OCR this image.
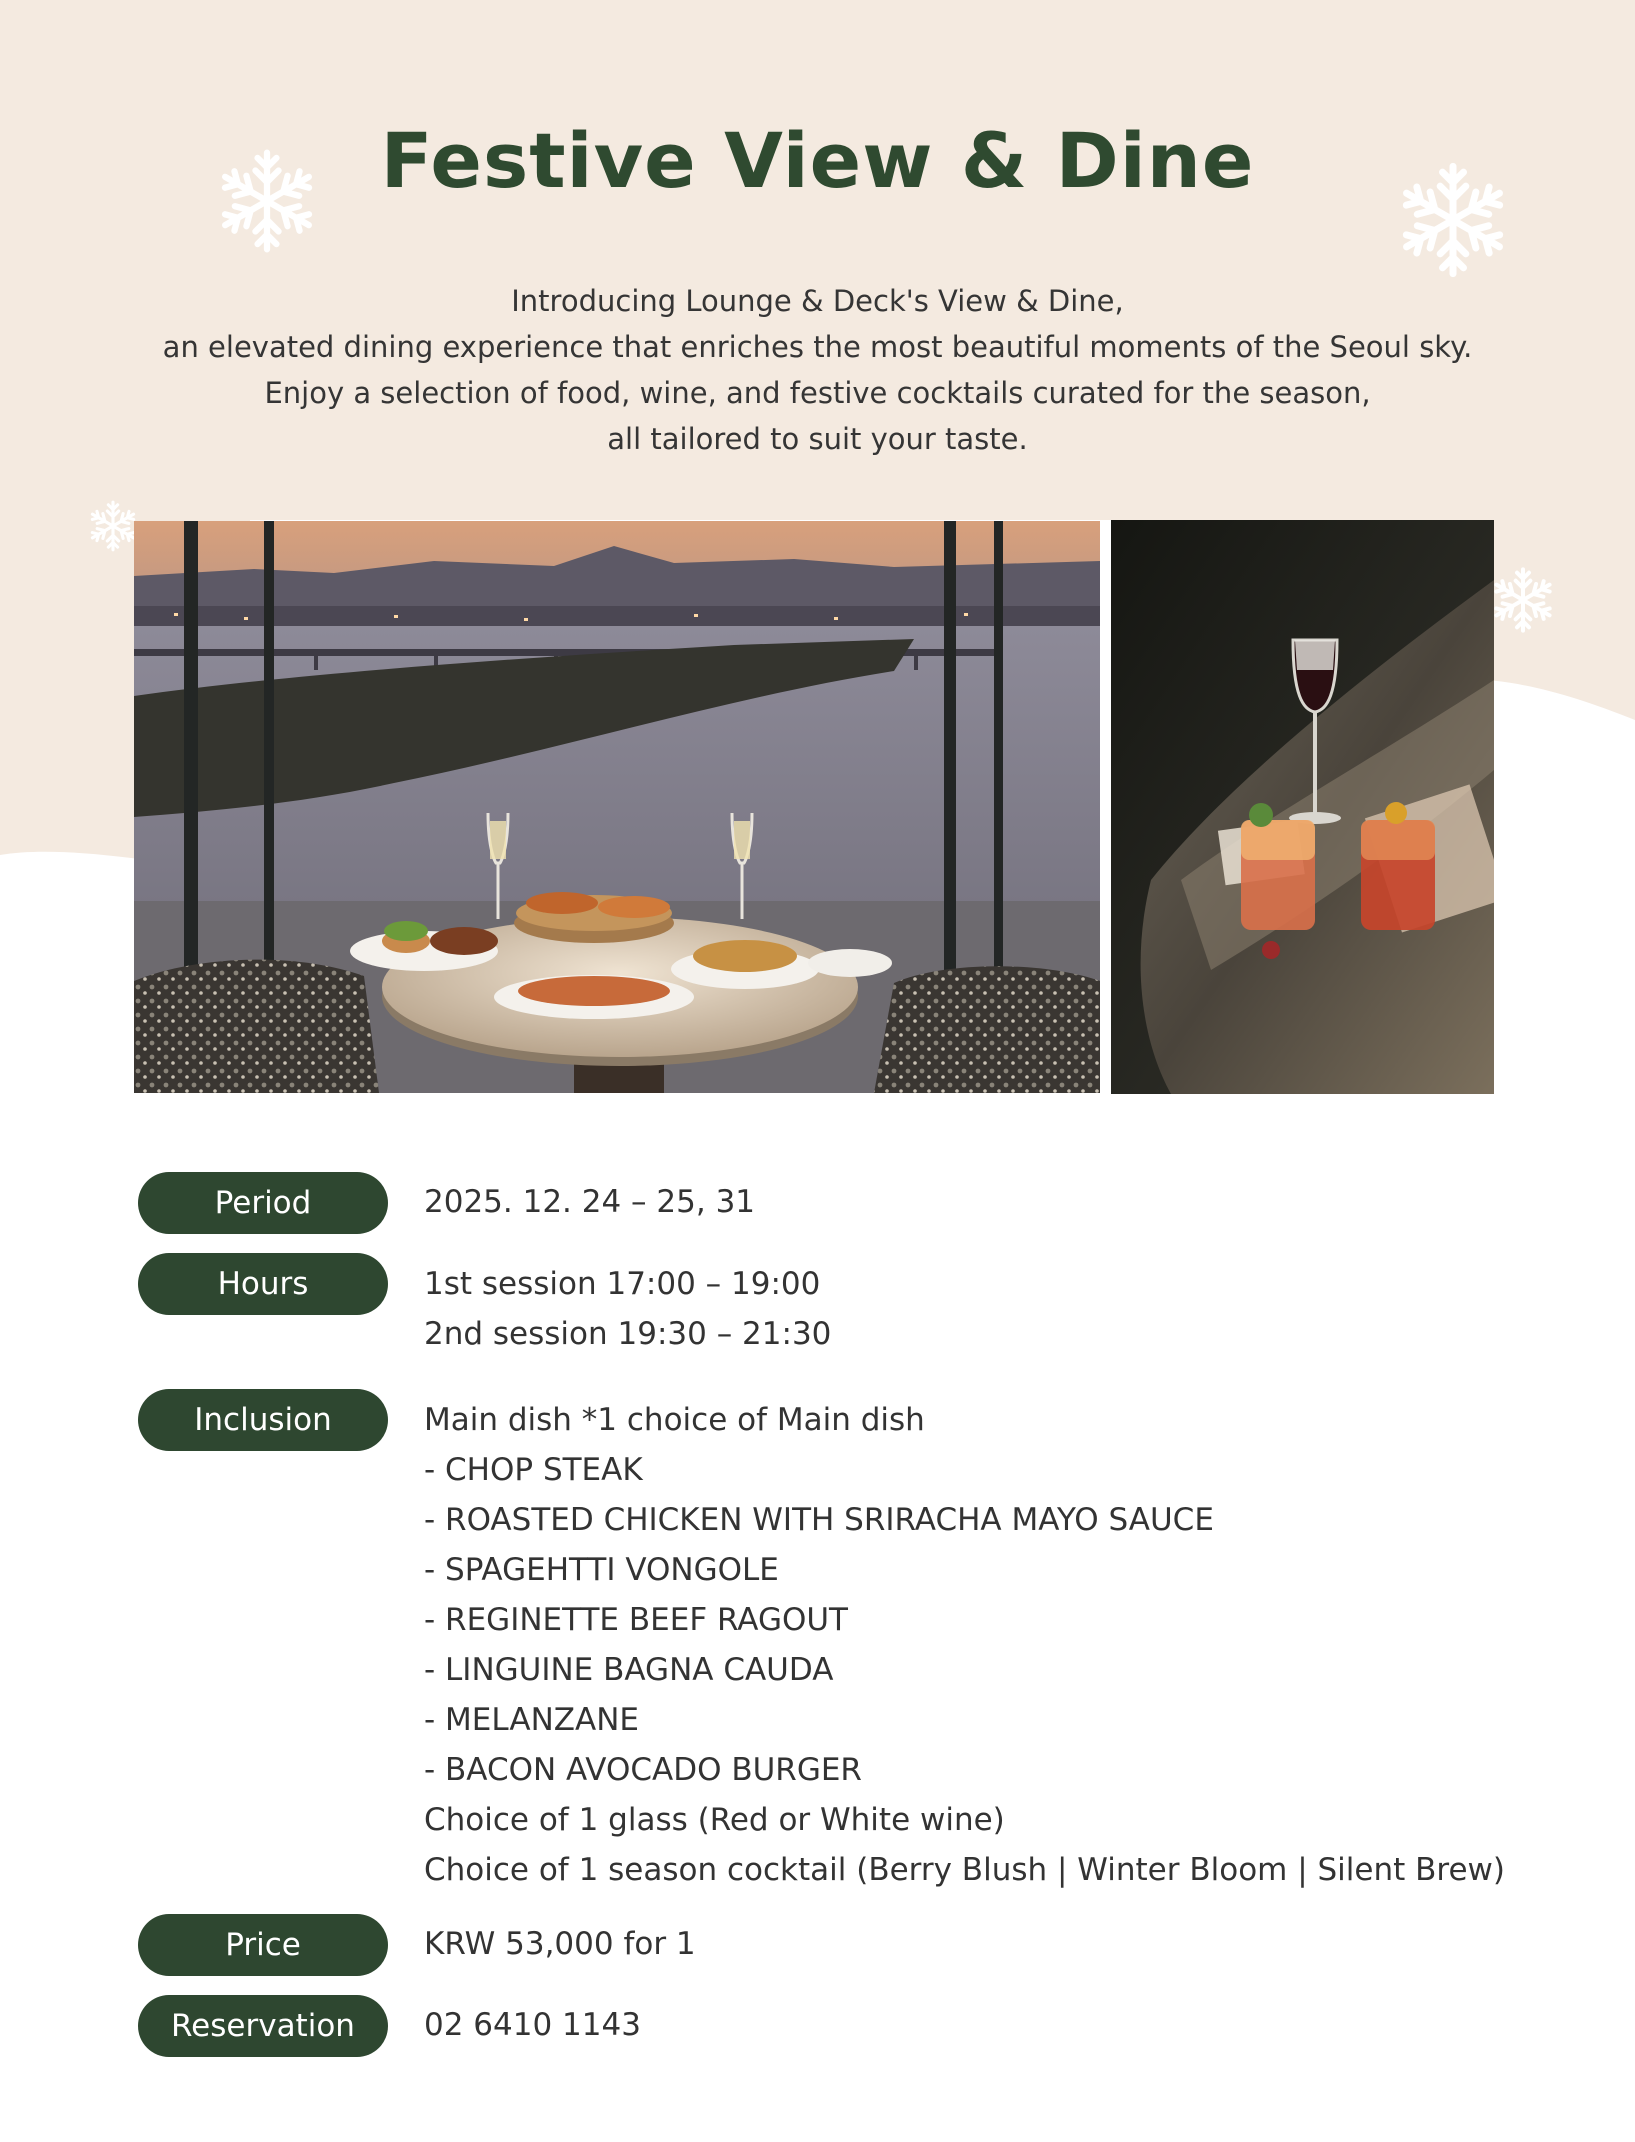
Festive View & Dine
Introducing Lounge & Deck's View & Dine,
an elevated dining experience that enriches the most beautiful moments of the Seoul sky.
Enjoy a selection of food, wine, and festive cocktails curated for the season,
all tailored to suit your taste.
Period	2025. 12. 24 – 25, 31
Hours	1st session 17:00 – 19:00
2nd session 19:30 – 21:30
Inclusion	Main dish *1 choice of Main dish
- CHOP STEAK
- ROASTED CHICKEN WITH SRIRACHA MAYO SAUCE
- SPAGEHTTI VONGOLE
- REGINETTE BEEF RAGOUT
- LINGUINE BAGNA CAUDA
- MELANZANE
- BACON AVOCADO BURGER
Choice of 1 glass (Red or White wine)
Choice of 1 season cocktail (Berry Blush | Winter Bloom | Silent Brew)
Price	KRW 53,000 for 1
Reservation	02 6410 1143
